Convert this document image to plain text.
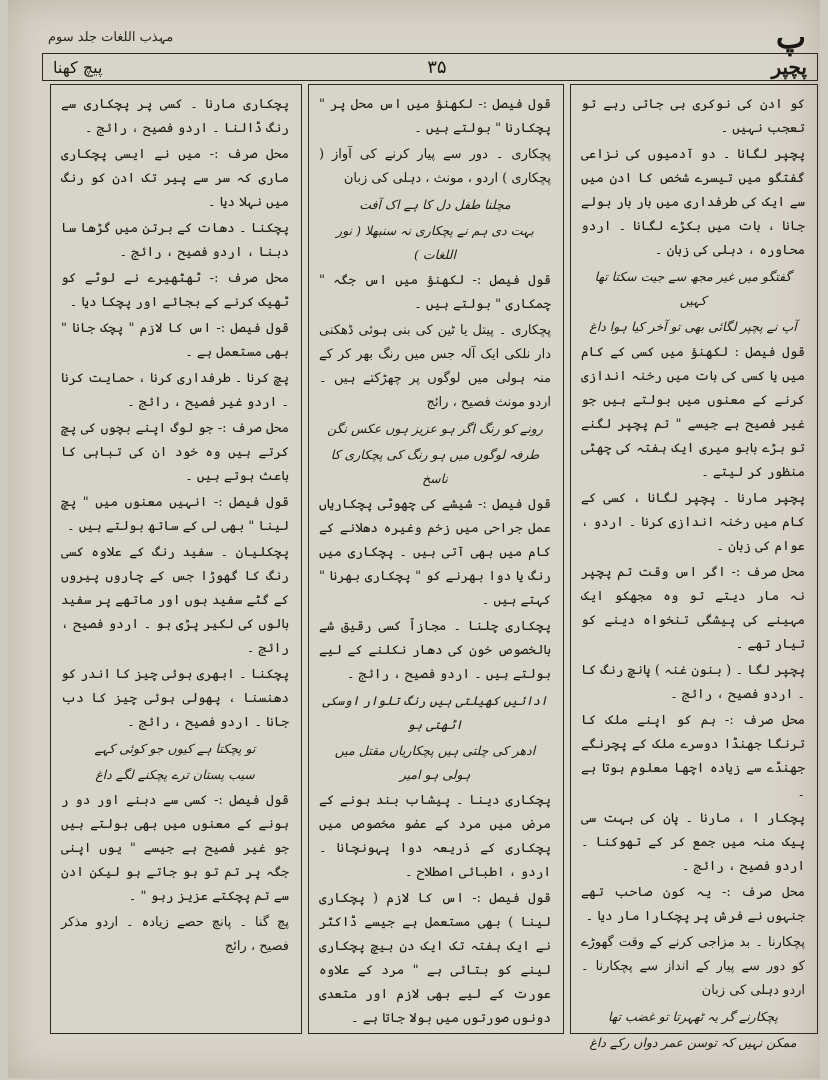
مہذب اللغات جلد سوم	پ
پیچ کھنا	۳۵	پچپر

کو ادن کی نوکری ہی جاتی رہے تو تعجب نہیں ۔

پچپر لگانا ۔ دو آدمیوں کی نزاعی گفتگو میں تیسرے شخص کا ادن میں سے ایک کی طرفداری میں بار بار بولے جانا ، بات میں بکڑے لگانا ۔ اردو محاورہ ، دہلی کی زبان ۔

گفتگو میں غیر مجھ سے جیت سکتا تھا کہیں

آپ نے پچپر لگائی بھی تو آخر کیا ہوا داغ

قول فیصل : لکھنؤ میں کسی کے کام میں یا کسی کی بات میں رخنہ اندازی کرنے کے معنوں میں بولتے ہیں جو غیر فصیح ہے جیسے " تم پچپر لگنے تو بڑے بابو میری ایک ہفتہ کی چھٹی منظور کر لیتے ۔

پچپر مارنا ۔ پچپر لگانا ، کسی کے کام میں رخنہ اندازی کرنا ۔ اردو ، عوام کی زبان ۔

محل صرف :- اگر اس وقت تم پچپر نہ مار دیتے تو وہ مجھکو ایک مہینے کی پیشگی تنخواہ دینے کو تیار تھے ۔

پچپر لگا ۔ ( بنون غنہ ) پانچ رنگ کا ۔ اردو فصیح ، رائج ۔

محل صرف :- ہم کو اپنے ملک کا ترنگا جھنڈا دوسرے ملک کے پچرنگے جھنڈے سے زیادہ اچھا معلوم ہوتا ہے ۔

پچکار ا ، مارنا ۔ پان کی بہت سی پیک منہ میں جمع کر کے تھوکنا ۔ اردو فصیح ، رائج ۔

محل صرف :- یہ کون صاحب تھے جنہوں نے فرش پر پچکارا مار دیا ۔

پچکارنا ۔ بد مزاجی کرنے کے وقت گھوڑے کو دور سے پیار کے انداز سے پچکارنا ۔ اردو دہلی کی زبان

پچکارنے گر یہ ٹھہرتا تو غضب تھا

ممکن نہیں کہ توسن عمر دواں رکے داغ

قول فیصل :- لکھنؤ میں اس محل پر " پچکارنا " بولتے ہیں ۔

پچکاری ۔ دور سے پیار کرنے کی آواز ( پچکاری ) اردو ، مونث ، دہلی کی زبان

مچلنا طفل دل کا ہے اک آفت

بہت دی ہم نے پچکاری نہ سنبھلا ( نور اللغات )

قول فیصل :- لکھنؤ میں اس جگہ " چمکاری " بولتے ہیں ۔

پچکاری ۔ پیتل یا ٹین کی بنی ہوئی ڈھکنی دار نلکی ایک آلہ جس میں رنگ بھر کر کے منہ ہولی میں لوگوں پر چھڑکتے ہیں ۔ اردو مونث فصیح ، رائج

رونے کو رنگ اگر ہو عزیز ہوں عکس نگن

طرفہ لوگوں میں ہو رنگ کی پچکاری کا ناسخ

قول فیصل :- شیشے کی چھوٹی پچکاریاں عمل جراحی میں زخم وغیرہ دھلانے کے کام میں بھی آتی ہیں ۔ پچکاری میں رنگ یا دوا بھرنے کو " پچکاری بھرنا " کہتے ہیں ۔

پچکاری چلنا ۔ مجازاً کسی رقیق شے بالخصوص خون کی دھار نکلنے کے لیے بولتے ہیں ۔ اردو فصیح ، رائج ۔

ادائیں کھیلتی ہیں رنگ تلوار اوسکی اٹھتی ہو

ادھر کی چلتی ہیں پچکاریاں مقتل میں ہولی ہو امیر

پچکاری دینا ۔ پیشاب بند ہونے کے مرض میں مرد کے عضو مخصوص میں پچکاری کے ذریعہ دوا پہونچانا ۔ اردو ، اطبائی اصطلاح ۔

قول فیصل :- اس کا لازم ( پچکاری لینا ) بھی مستعمل ہے جیسے ڈاکٹر نے ایک ہفتہ تک ایک دن بیچ پچکاری لینے کو بتائی ہے " مرد کے علاوہ عورت کے لیے بھی لازم اور متعدی دونوں صورتوں میں بولا جاتا ہے ۔

پچکاری مارنا ۔ کسی پر پچکاری سے رنگ ڈالنا ۔ اردو فصیح ، رائج ۔

محل صرف :- میں نے ایسی پچکاری ماری کہ سر سے پیر تک ادن کو رنگ میں نہلا دیا ۔

پچکنا ۔ دھات کے برتن میں گڑھا سا دبنا ، اردو فصیح ، رائج ۔

محل صرف :- ٹھٹھیرے نے لوٹے کو ٹھیک کرنے کے بجائے اور پچکا دیا ۔

قول فیصل :- اس کا لازم " پچک جانا " بھی مستعمل ہے ۔

پچ کرنا ۔ طرفداری کرنا ، حمایت کرنا ۔ اردو غیر فصیح ، رائج ۔

محل صرف :- جو لوگ اپنے بچوں کی پچ کرتے ہیں وہ خود ان کی تباہی کا باعث ہوتے ہیں ۔

قول فیصل :- انہیں معنوں میں " پچ لینا " بھی لی کے ساتھ بولتے ہیں ۔

پچکلیان ۔ سفید رنگ کے علاوہ کسی رنگ کا گھوڑا جس کے چاروں پیروں کے گٹے سفید ہوں اور ماتھے پر سفید بالوں کی لکیر پڑی ہو ۔ اردو فصیح ، رائج ۔

پچکنا ۔ ابھری ہوئی چیز کا اندر کو دھنسنا ، پھولی ہوئی چیز کا دب جانا ۔ اردو فصیح ، رائج ۔

تو پچکتا ہے کیوں جو کوئی کہے

سیب پستان ترے پچکنے لگے داغ

قول فیصل :- کسی سے دبنے اور دو ر ہونے کے معنوں میں بھی بولتے ہیں جو غیر فصیح ہے جیسے " یوں اپنی جگہ پر تم تو ہو جاتے ہو لیکن ادن سے تم پچکتے عزیز رہو " ۔

پچ گنا ۔ پانچ حصے زیادہ ۔ اردو مذکر فصیح ، رائج
